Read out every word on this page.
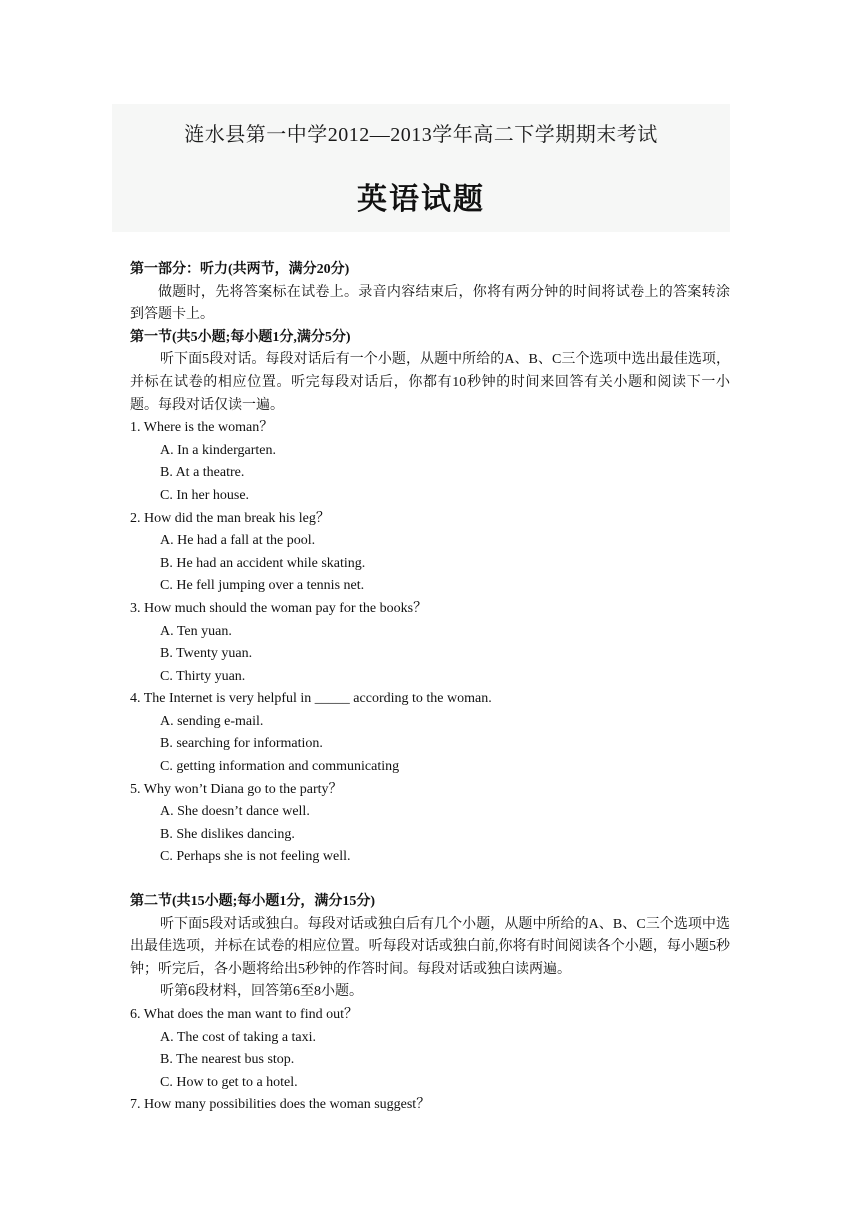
涟水县第一中学2012—2013学年高二下学期期末考试
英语试题

第一部分：听力(共两节，满分20分)

做题时，先将答案标在试卷上。录音内容结束后，你将有两分钟的时间将试卷上的答案转涂到答题卡上。

第一节(共5小题;每小题1分,满分5分)

听下面5段对话。每段对话后有一个小题，从题中所给的A、B、C三个选项中选出最佳选项，并标在试卷的相应位置。听完每段对话后，你都有10秒钟的时间来回答有关小题和阅读下一小题。每段对话仅读一遍。

1. Where is the woman？

A. In a kindergarten.

B. At a theatre.

C. In her house.

2. How did the man break his leg？

A. He had a fall at the pool.

B. He had an accident while skating.

C. He fell jumping over a tennis net.

3. How much should the woman pay for the books？

A. Ten yuan.

B. Twenty yuan.

C. Thirty yuan.

4. The Internet is very helpful in _____ according to the woman.

A. sending e-mail.

B. searching for information.

C. getting information and communicating

5. Why won’t Diana go to the party？

A. She doesn’t dance well.

B. She dislikes dancing.

C. Perhaps she is not feeling well.

第二节(共15小题;每小题1分，满分15分)

听下面5段对话或独白。每段对话或独白后有几个小题，从题中所给的A、B、C三个选项中选出最佳选项，并标在试卷的相应位置。听每段对话或独白前,你将有时间阅读各个小题，每小题5秒钟；听完后，各小题将给出5秒钟的作答时间。每段对话或独白读两遍。

听第6段材料，回答第6至8小题。

6. What does the man want to find out？

A. The cost of taking a taxi.

B. The nearest bus stop.

C. How to get to a hotel.

7. How many possibilities does the woman suggest？
